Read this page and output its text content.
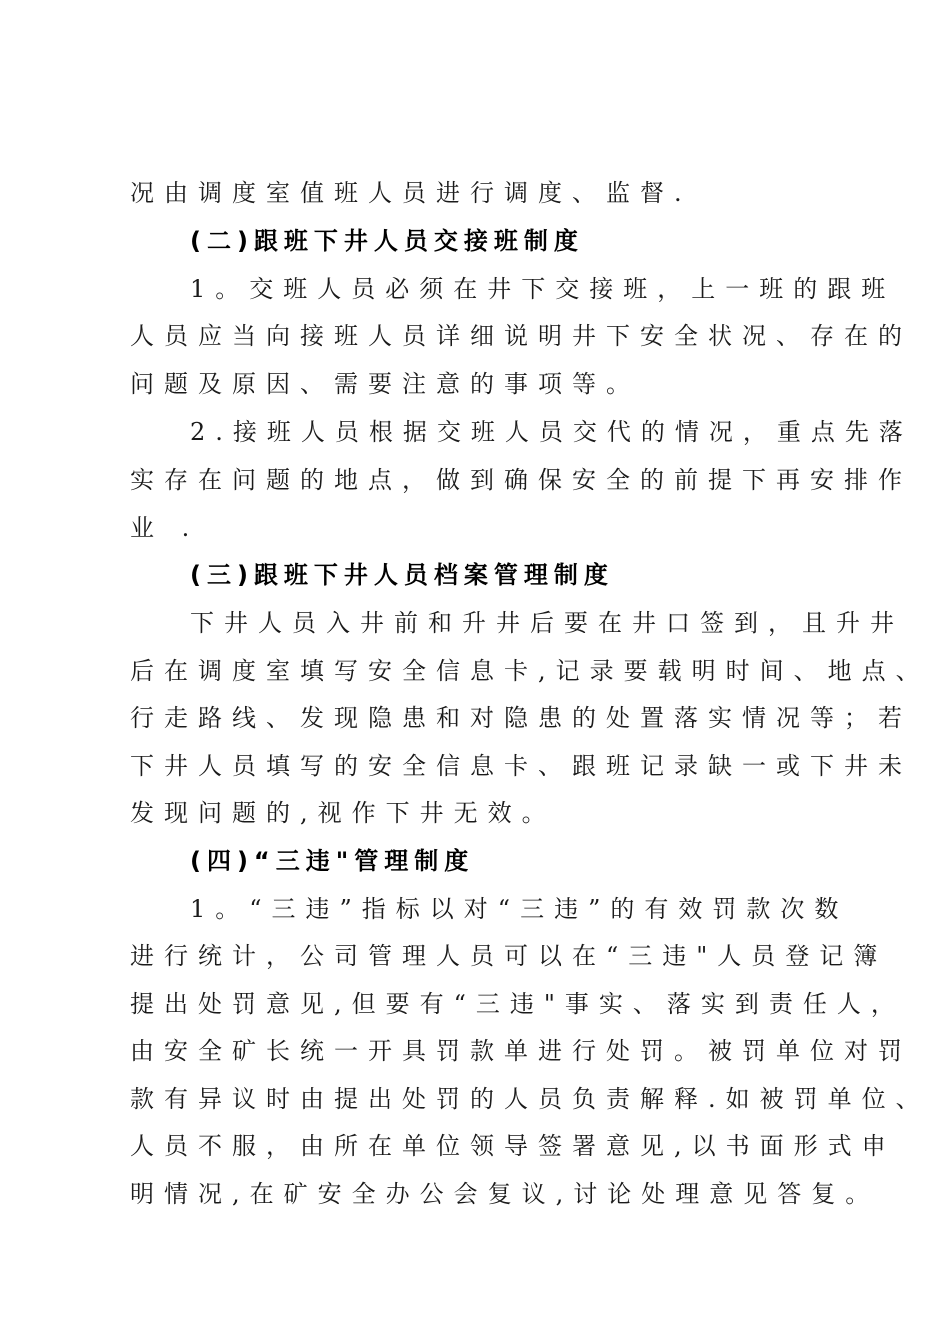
况由调度室值班人员进行调度、监督.
(二)跟班下井人员交接班制度
1。交班人员必须在井下交接班，上一班的跟班
人员应当向接班人员详细说明井下安全状况、存在的
问题及原因、需要注意的事项等。
2.接班人员根据交班人员交代的情况，重点先落
实存在问题的地点，做到确保安全的前提下再安排作
业 .
(三)跟班下井人员档案管理制度
下井人员入井前和升井后要在井口签到，且升井
后在调度室填写安全信息卡,记录要载明时间、地点、
行走路线、发现隐患和对隐患的处置落实情况等；若
下井人员填写的安全信息卡、跟班记录缺一或下井未
发现问题的,视作下井无效。
(四)“三违"管理制度
1。“三违”指标以对“三违”的有效罚款次数
进行统计，公司管理人员可以在“三违"人员登记簿
提出处罚意见,但要有“三违"事实、落实到责任人，
由安全矿长统一开具罚款单进行处罚。被罚单位对罚
款有异议时由提出处罚的人员负责解释.如被罚单位、
人员不服，由所在单位领导签署意见,以书面形式申
明情况,在矿安全办公会复议,讨论处理意见答复。
